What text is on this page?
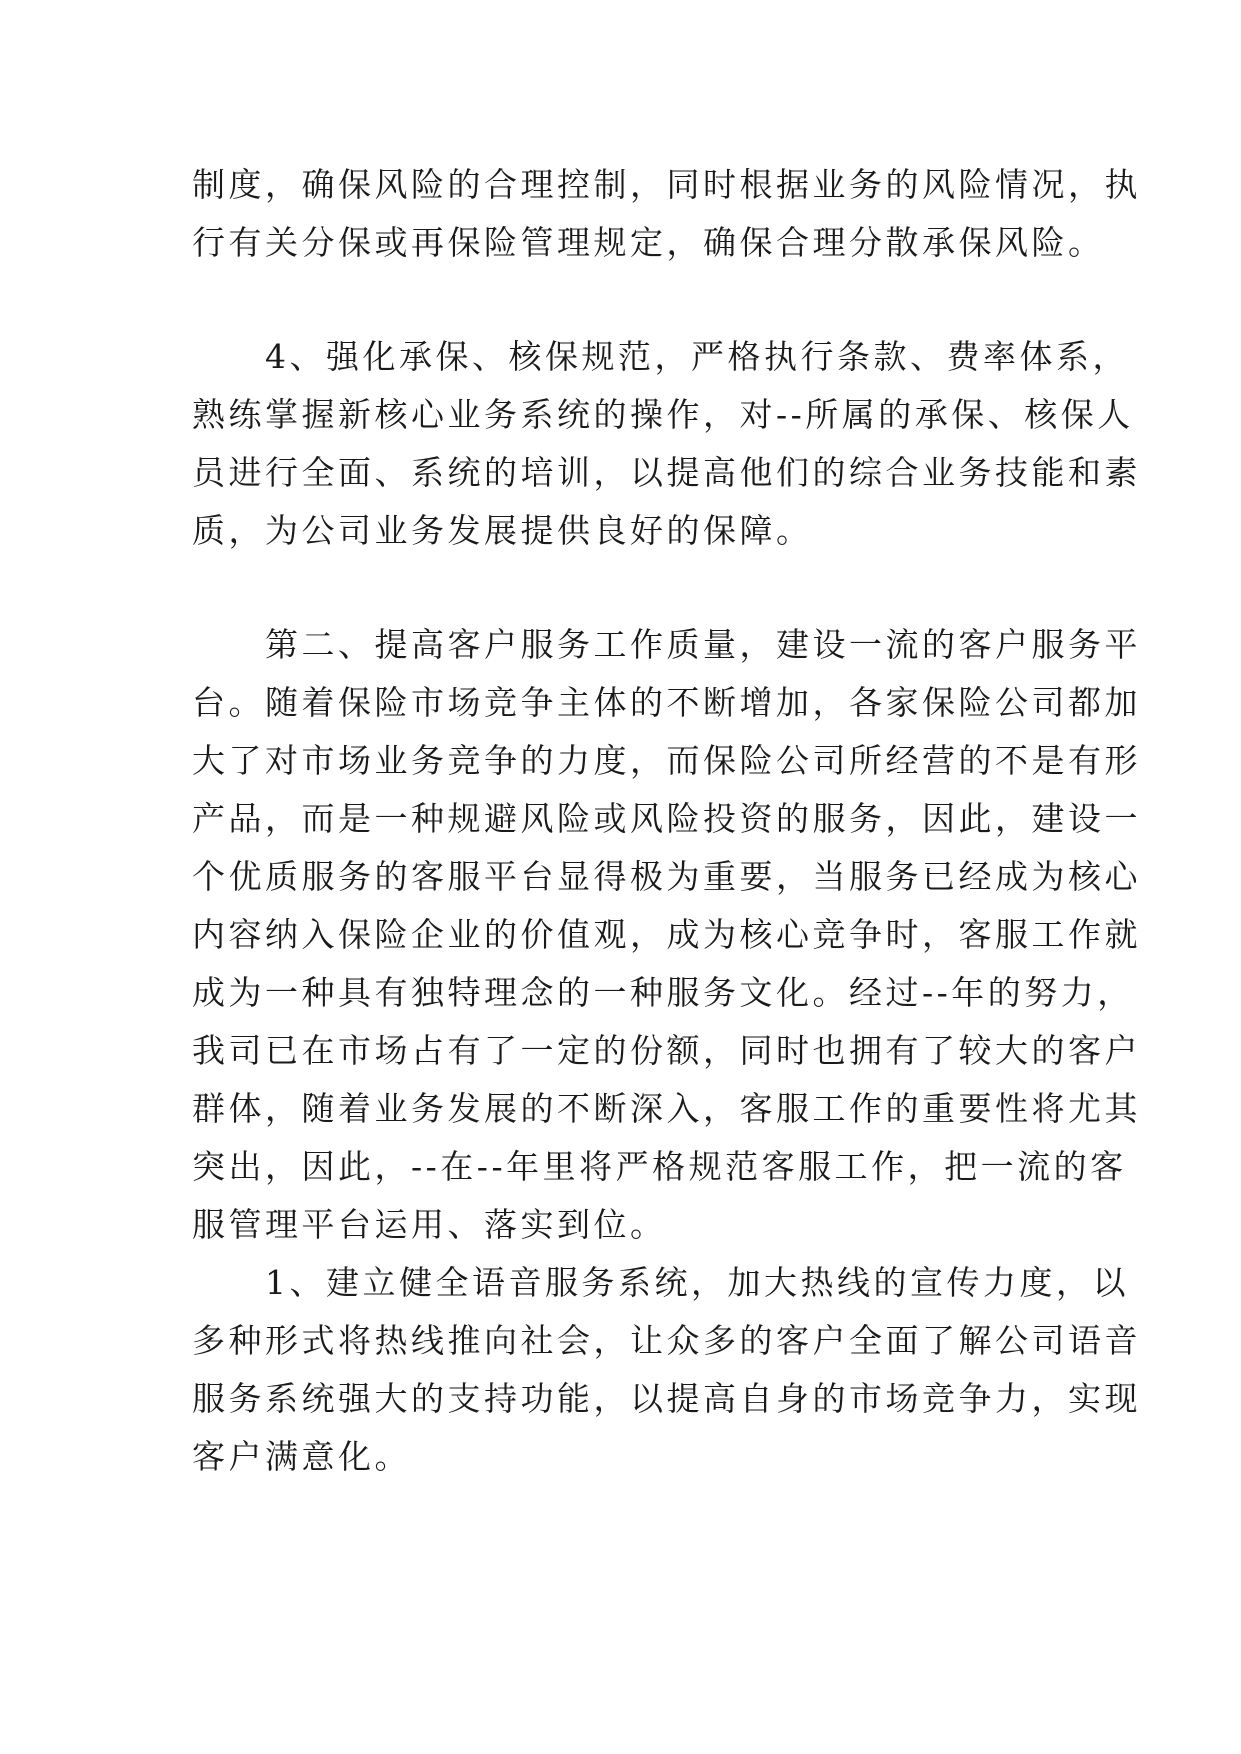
制度，确保风险的合理控制，同时根据业务的风险情况，执
行有关分保或再保险管理规定，确保合理分散承保风险。
　　4、强化承保、核保规范，严格执行条款、费率体系，
熟练掌握新核心业务系统的操作，对--所属的承保、核保人
员进行全面、系统的培训，以提高他们的综合业务技能和素
质，为公司业务发展提供良好的保障。
　　第二、提高客户服务工作质量，建设一流的客户服务平
台。随着保险市场竞争主体的不断增加，各家保险公司都加
大了对市场业务竞争的力度，而保险公司所经营的不是有形
产品，而是一种规避风险或风险投资的服务，因此，建设一
个优质服务的客服平台显得极为重要，当服务已经成为核心
内容纳入保险企业的价值观，成为核心竞争时，客服工作就
成为一种具有独特理念的一种服务文化。经过--年的努力，
我司已在市场占有了一定的份额，同时也拥有了较大的客户
群体，随着业务发展的不断深入，客服工作的重要性将尤其
突出，因此，--在--年里将严格规范客服工作，把一流的客
服管理平台运用、落实到位。
　　1、建立健全语音服务系统，加大热线的宣传力度，以
多种形式将热线推向社会，让众多的客户全面了解公司语音
服务系统强大的支持功能，以提高自身的市场竞争力，实现
客户满意化。
